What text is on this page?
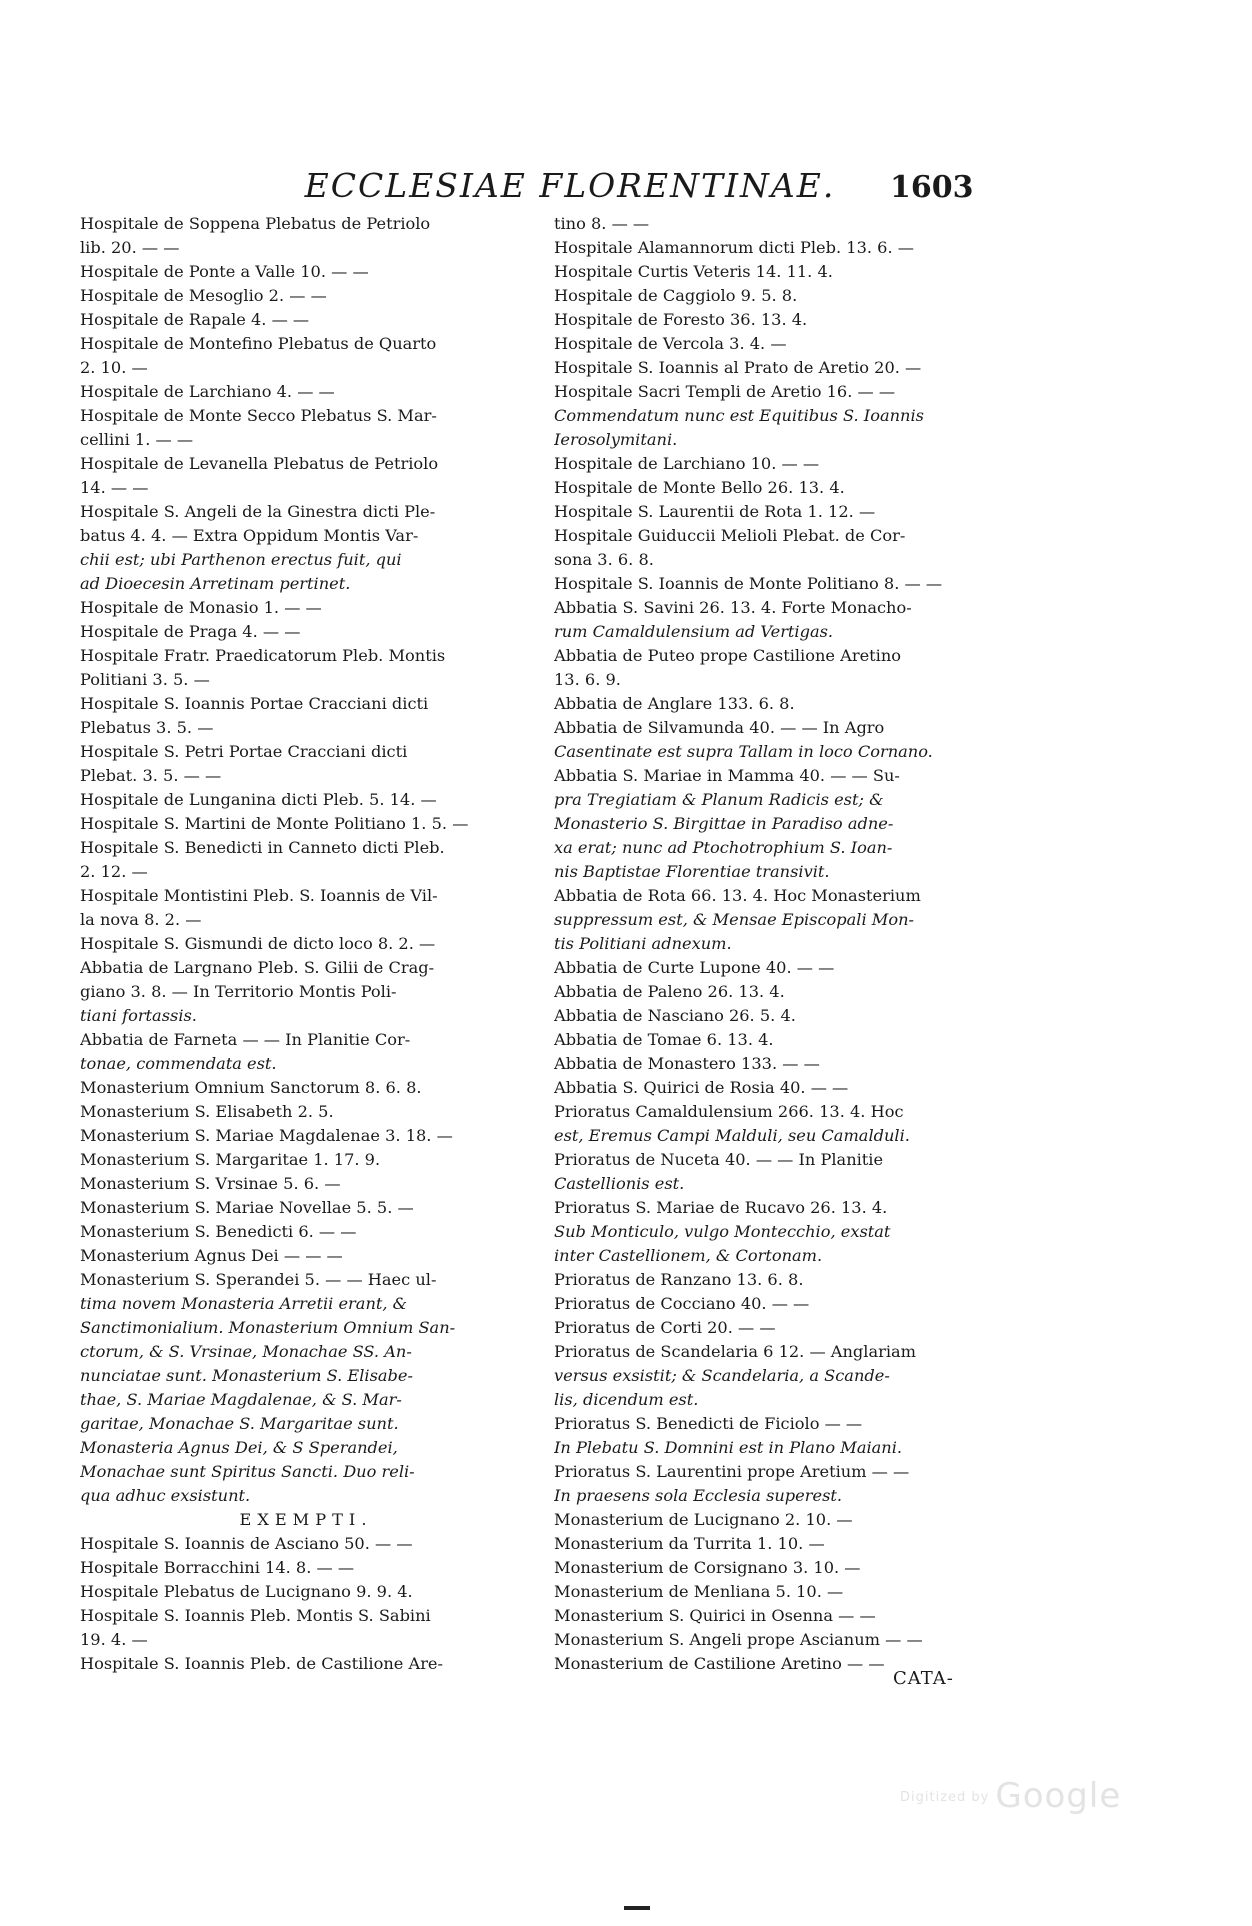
ECCLESIAE FLORENTINAE.	1603
Hospitale de Soppena Plebatus de Petriolo
lib. 20. — —
Hospitale de Ponte a Valle 10. — —
Hospitale de Mesoglio 2. — —
Hospitale de Rapale 4. — —
Hospitale de Montefino Plebatus de Quarto
2. 10. —
Hospitale de Larchiano 4. — —
Hospitale de Monte Secco Plebatus S. Mar-
cellini 1. — —
Hospitale de Levanella Plebatus de Petriolo
14. — —
Hospitale S. Angeli de la Ginestra dicti Ple-
batus 4. 4. — Extra Oppidum Montis Var-
chii est; ubi Parthenon erectus fuit, qui
ad Dioecesin Arretinam pertinet.
Hospitale de Monasio 1. — —
Hospitale de Praga 4. — —
Hospitale Fratr. Praedicatorum Pleb. Montis
Politiani 3. 5. —
Hospitale S. Ioannis Portae Cracciani dicti
Plebatus 3. 5. —
Hospitale S. Petri Portae Cracciani dicti
Plebat. 3. 5. — —
Hospitale de Lunganina dicti Pleb. 5. 14. —
Hospitale S. Martini de Monte Politiano 1. 5. —
Hospitale S. Benedicti in Canneto dicti Pleb.
2. 12. —
Hospitale Montistini Pleb. S. Ioannis de Vil-
la nova 8. 2. —
Hospitale S. Gismundi de dicto loco 8. 2. —
Abbatia de Largnano Pleb. S. Gilii de Crag-
giano 3. 8. — In Territorio Montis Poli-
tiani fortassis.
Abbatia de Farneta — — In Planitie Cor-
tonae, commendata est.
Monasterium Omnium Sanctorum 8. 6. 8.
Monasterium S. Elisabeth 2. 5.
Monasterium S. Mariae Magdalenae 3. 18. —
Monasterium S. Margaritae 1. 17. 9.
Monasterium S. Vrsinae 5. 6. —
Monasterium S. Mariae Novellae 5. 5. —
Monasterium S. Benedicti 6. — —
Monasterium Agnus Dei — — —
Monasterium S. Sperandei 5. — — Haec ul-
tima novem Monasteria Arretii erant, &
Sanctimonialium. Monasterium Omnium San-
ctorum, & S. Vrsinae, Monachae SS. An-
nunciatae sunt. Monasterium S. Elisabe-
thae, S. Mariae Magdalenae, & S. Mar-
garitae, Monachae S. Margaritae sunt.
Monasteria Agnus Dei, & S Sperandei,
Monachae sunt Spiritus Sancti. Duo reli-
qua adhuc exsistunt.
EXEMPTI.
Hospitale S. Ioannis de Asciano 50. — —
Hospitale Borracchini 14. 8. — —
Hospitale Plebatus de Lucignano 9. 9. 4.
Hospitale S. Ioannis Pleb. Montis S. Sabini
19. 4. —
Hospitale S. Ioannis Pleb. de Castilione Are-
tino 8. — —
Hospitale Alamannorum dicti Pleb. 13. 6. —
Hospitale Curtis Veteris 14. 11. 4.
Hospitale de Caggiolo 9. 5. 8.
Hospitale de Foresto 36. 13. 4.
Hospitale de Vercola 3. 4. —
Hospitale S. Ioannis al Prato de Aretio 20. —
Hospitale Sacri Templi de Aretio 16. — —
Commendatum nunc est Equitibus S. Ioannis
Ierosolymitani.
Hospitale de Larchiano 10. — —
Hospitale de Monte Bello 26. 13. 4.
Hospitale S. Laurentii de Rota 1. 12. —
Hospitale Guiduccii Melioli Plebat. de Cor-
sona 3. 6. 8.
Hospitale S. Ioannis de Monte Politiano 8. — —
Abbatia S. Savini 26. 13. 4. Forte Monacho-
rum Camaldulensium ad Vertigas.
Abbatia de Puteo prope Castilione Aretino
13. 6. 9.
Abbatia de Anglare 133. 6. 8.
Abbatia de Silvamunda 40. — — In Agro
Casentinate est supra Tallam in loco Cornano.
Abbatia S. Mariae in Mamma 40. — — Su-
pra Tregiatiam & Planum Radicis est; &
Monasterio S. Birgittae in Paradiso adne-
xa erat; nunc ad Ptochotrophium S. Ioan-
nis Baptistae Florentiae transivit.
Abbatia de Rota 66. 13. 4. Hoc Monasterium
suppressum est, & Mensae Episcopali Mon-
tis Politiani adnexum.
Abbatia de Curte Lupone 40. — —
Abbatia de Paleno 26. 13. 4.
Abbatia de Nasciano 26. 5. 4.
Abbatia de Tomae 6. 13. 4.
Abbatia de Monastero 133. — —
Abbatia S. Quirici de Rosia 40. — —
Prioratus Camaldulensium 266. 13. 4. Hoc
est, Eremus Campi Malduli, seu Camalduli.
Prioratus de Nuceta 40. — — In Planitie
Castellionis est.
Prioratus S. Mariae de Rucavo 26. 13. 4.
Sub Monticulo, vulgo Montecchio, exstat
inter Castellionem, & Cortonam.
Prioratus de Ranzano 13. 6. 8.
Prioratus de Cocciano 40. — —
Prioratus de Corti 20. — —
Prioratus de Scandelaria 6 12. — Anglariam
versus exsistit; & Scandelaria, a Scande-
lis, dicendum est.
Prioratus S. Benedicti de Ficiolo — —
In Plebatu S. Domnini est in Plano Maiani.
Prioratus S. Laurentini prope Aretium — —
In praesens sola Ecclesia superest.
Monasterium de Lucignano 2. 10. —
Monasterium da Turrita 1. 10. —
Monasterium de Corsignano 3. 10. —
Monasterium de Menliana 5. 10. —
Monasterium S. Quirici in Osenna — —
Monasterium S. Angeli prope Ascianum — —
Monasterium de Castilione Aretino — —
CATA-
Digitized by Google
